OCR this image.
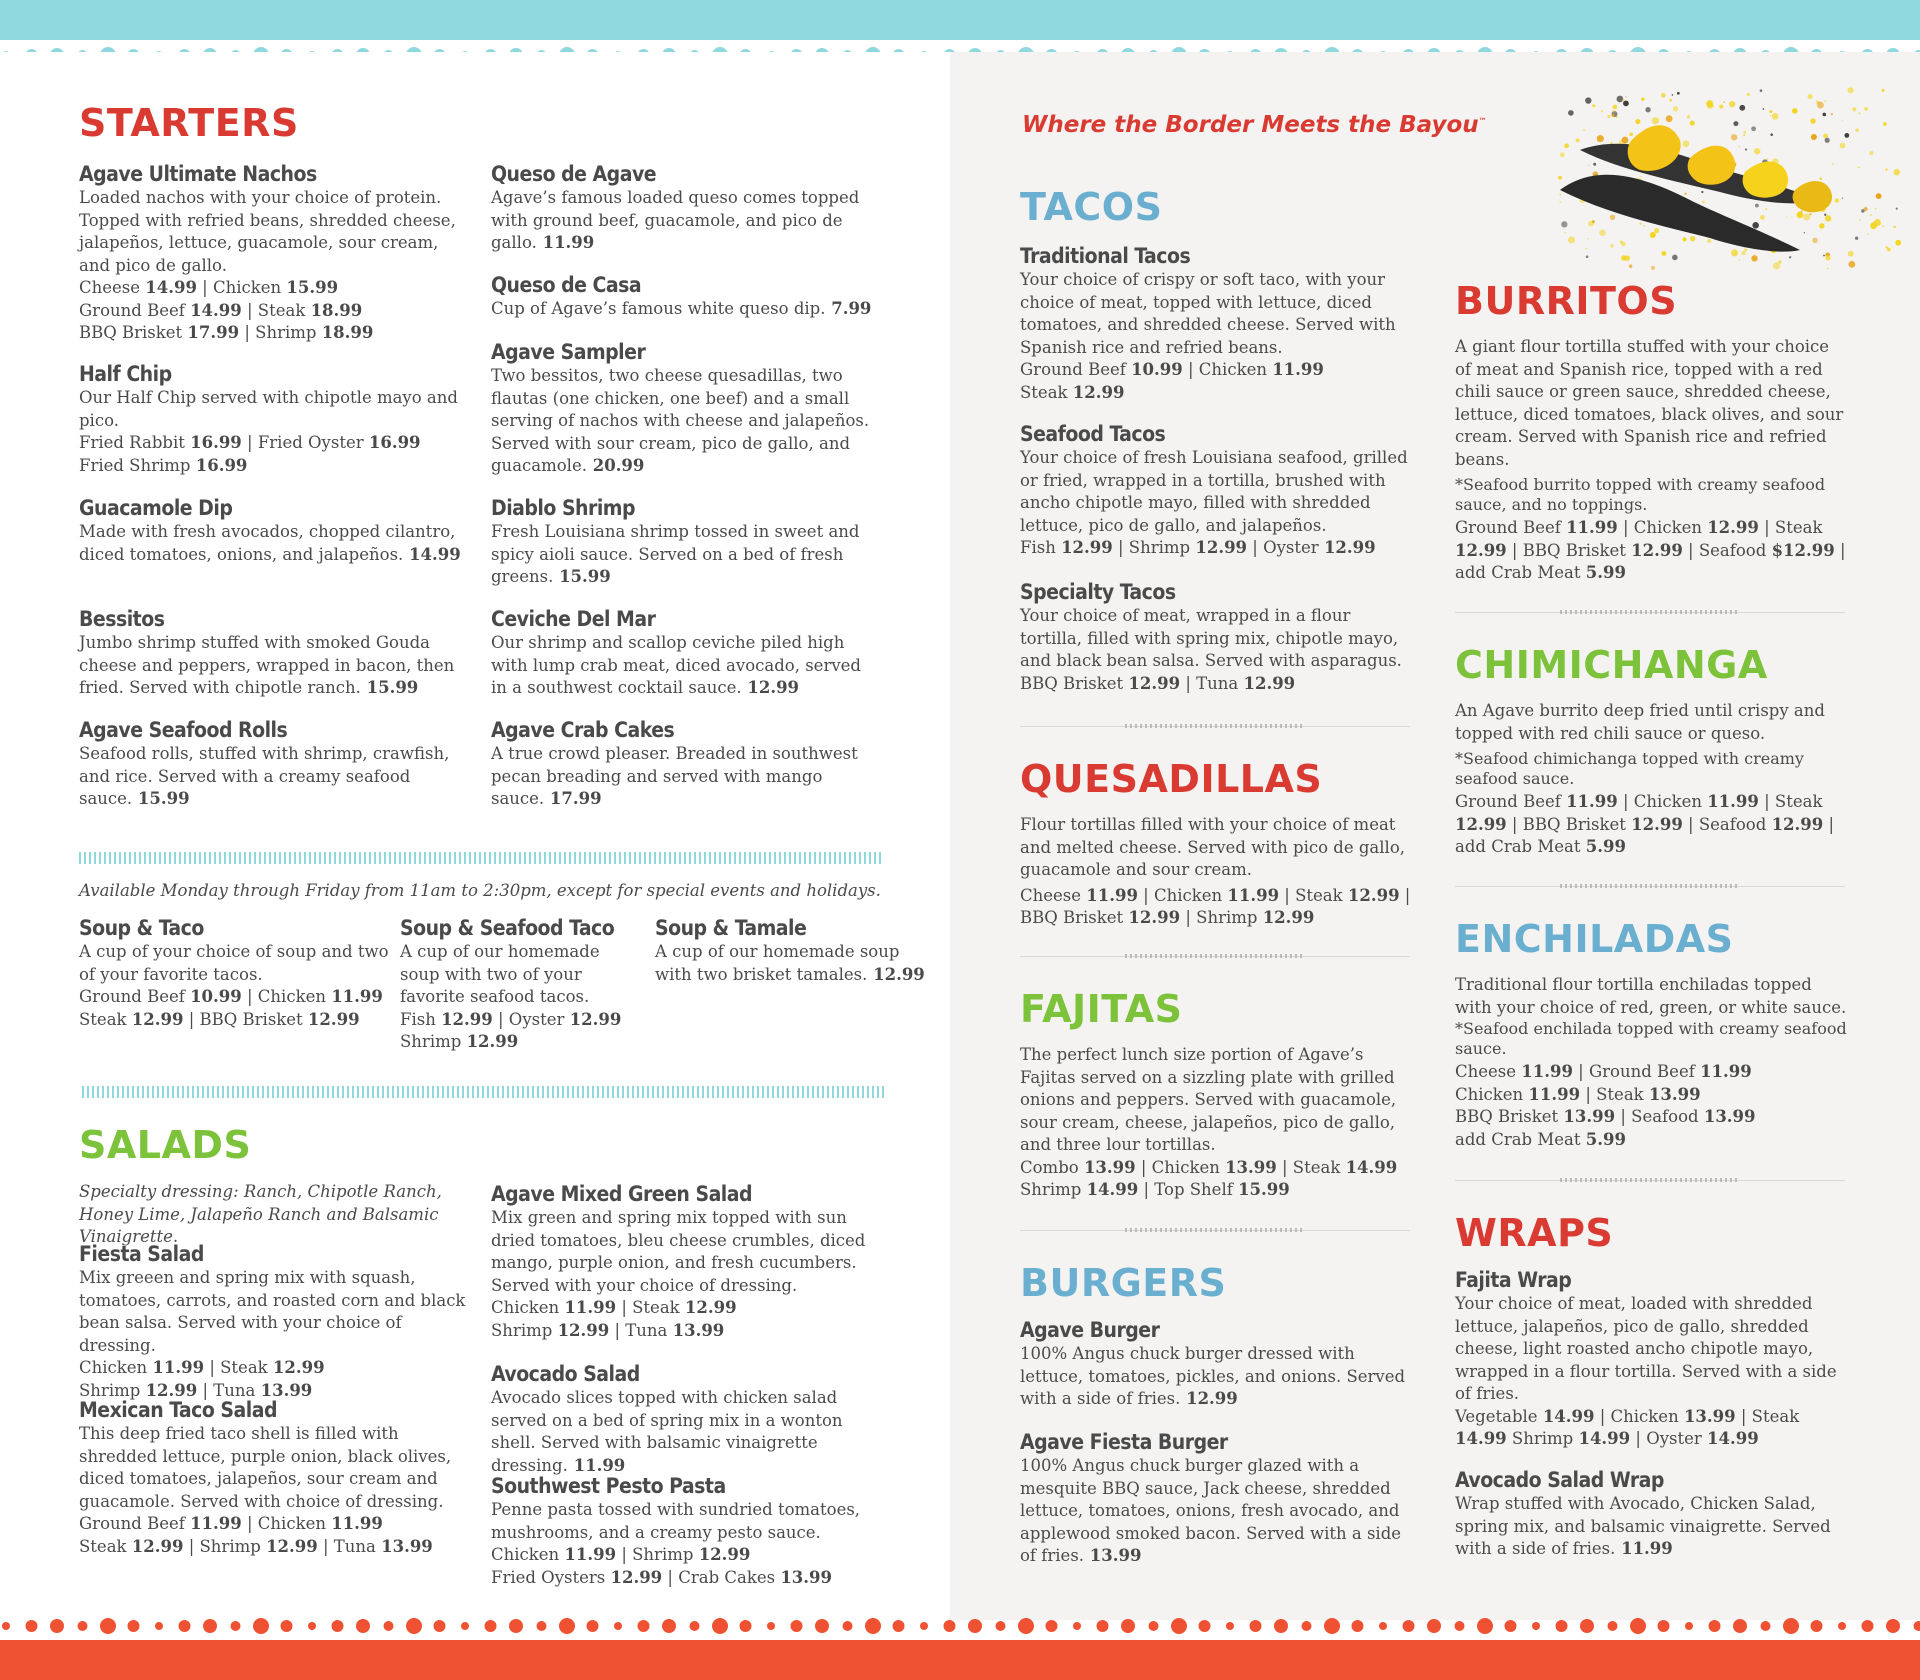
STARTERS
Agave Ultimate Nachos
Loaded nachos with your choice of protein. Topped with refried beans, shredded cheese, jalapeños, lettuce, guacamole, sour cream, and pico de gallo.
Cheese 14.99 | Chicken 15.99
Ground Beef 14.99 | Steak 18.99
BBQ Brisket 17.99 | Shrimp 18.99
Half Chip
Our Half Chip served with chipotle mayo and pico.
Fried Rabbit 16.99 | Fried Oyster 16.99
Fried Shrimp 16.99
Guacamole Dip
Made with fresh avocados, chopped cilantro, diced tomatoes, onions, and jalapeños. 14.99
Bessitos
Jumbo shrimp stuffed with smoked Gouda cheese and peppers, wrapped in bacon, then fried. Served with chipotle ranch. 15.99
Agave Seafood Rolls
Seafood rolls, stuffed with shrimp, crawfish, and rice. Served with a creamy seafood sauce. 15.99
Queso de Agave
Agave’s famous loaded queso comes topped with ground beef, guacamole, and pico de gallo. 11.99
Queso de Casa
Cup of Agave’s famous white queso dip. 7.99
Agave Sampler
Two bessitos, two cheese quesadillas, two flautas (one chicken, one beef) and a small serving of nachos with cheese and jalapeños. Served with sour cream, pico de gallo, and guacamole. 20.99
Diablo Shrimp
Fresh Louisiana shrimp tossed in sweet and spicy aioli sauce. Served on a bed of fresh greens. 15.99
Ceviche Del Mar
Our shrimp and scallop ceviche piled high with lump crab meat, diced avocado, served in a southwest cocktail sauce. 12.99
Agave Crab Cakes
A true crowd pleaser. Breaded in southwest pecan breading and served with mango sauce. 17.99
Available Monday through Friday from 11am to 2:30pm, except for special events and holidays.
Soup & Taco
A cup of your choice of soup and two of your favorite tacos.
Ground Beef 10.99 | Chicken 11.99
Steak 12.99 | BBQ Brisket 12.99
Soup & Seafood Taco
A cup of our homemade soup with two of your favorite seafood tacos.
Fish 12.99 | Oyster 12.99
Shrimp 12.99
Soup & Tamale
A cup of our homemade soup with two brisket tamales. 12.99
SALADS
Specialty dressing: Ranch, Chipotle Ranch, Honey Lime, Jalapeño Ranch and Balsamic Vinaigrette.
Fiesta Salad
Mix greeen and spring mix with squash, tomatoes, carrots, and roasted corn and black bean salsa. Served with your choice of dressing.
Chicken 11.99 | Steak 12.99
Shrimp 12.99 | Tuna 13.99
Mexican Taco Salad
This deep fried taco shell is filled with shredded lettuce, purple onion, black olives, diced tomatoes, jalapeños, sour cream and guacamole. Served with choice of dressing.
Ground Beef 11.99 | Chicken 11.99
Steak 12.99 | Shrimp 12.99 | Tuna 13.99
Agave Mixed Green Salad
Mix green and spring mix topped with sun dried tomatoes, bleu cheese crumbles, diced mango, purple onion, and fresh cucumbers. Served with your choice of dressing.
Chicken 11.99 | Steak 12.99
Shrimp 12.99 | Tuna 13.99
Avocado Salad
Avocado slices topped with chicken salad served on a bed of spring mix in a wonton shell. Served with balsamic vinaigrette dressing. 11.99
Southwest Pesto Pasta
Penne pasta tossed with sundried tomatoes, mushrooms, and a creamy pesto sauce.
Chicken 11.99 | Shrimp 12.99
Fried Oysters 12.99 | Crab Cakes 13.99
Where the Border Meets the Bayou™
TACOS
Traditional Tacos
Your choice of crispy or soft taco, with your choice of meat, topped with lettuce, diced tomatoes, and shredded cheese. Served with Spanish rice and refried beans.
Ground Beef 10.99 | Chicken 11.99
Steak 12.99
Seafood Tacos
Your choice of fresh Louisiana seafood, grilled or fried, wrapped in a tortilla, brushed with ancho chipotle mayo, filled with shredded lettuce, pico de gallo, and jalapeños.
Fish 12.99 | Shrimp 12.99 | Oyster 12.99
Specialty Tacos
Your choice of meat, wrapped in a flour tortilla, filled with spring mix, chipotle mayo, and black bean salsa. Served with asparagus.
BBQ Brisket 12.99 | Tuna 12.99
QUESADILLAS
Flour tortillas filled with your choice of meat and melted cheese. Served with pico de gallo, guacamole and sour cream.
Cheese 11.99 | Chicken 11.99 | Steak 12.99 |
BBQ Brisket 12.99 | Shrimp 12.99
FAJITAS
The perfect lunch size portion of Agave’s Fajitas served on a sizzling plate with grilled onions and peppers. Served with guacamole, sour cream, cheese, jalapeños, pico de gallo, and three lour tortillas.
Combo 13.99 | Chicken 13.99 | Steak 14.99
Shrimp 14.99 | Top Shelf 15.99
BURGERS
Agave Burger
100% Angus chuck burger dressed with lettuce, tomatoes, pickles, and onions. Served with a side of fries. 12.99
Agave Fiesta Burger
100% Angus chuck burger glazed with a mesquite BBQ sauce, Jack cheese, shredded lettuce, tomatoes, onions, fresh avocado, and applewood smoked bacon. Served with a side of fries. 13.99
BURRITOS
A giant flour tortilla stuffed with your choice of meat and Spanish rice, topped with a red chili sauce or green sauce, shredded cheese, lettuce, diced tomatoes, black olives, and sour cream. Served with Spanish rice and refried beans.
*Seafood burrito topped with creamy seafood sauce, and no toppings.
Ground Beef 11.99 | Chicken 12.99 | Steak
12.99 | BBQ Brisket 12.99 | Seafood $12.99 |
add Crab Meat 5.99
CHIMICHANGA
An Agave burrito deep fried until crispy and topped with red chili sauce or queso.
*Seafood chimichanga topped with creamy seafood sauce.
Ground Beef 11.99 | Chicken 11.99 | Steak
12.99 | BBQ Brisket 12.99 | Seafood 12.99 |
add Crab Meat 5.99
ENCHILADAS
Traditional flour tortilla enchiladas topped with your choice of red, green, or white sauce.
*Seafood enchilada topped with creamy seafood sauce.
Cheese 11.99 | Ground Beef 11.99
Chicken 11.99 | Steak 13.99
BBQ Brisket 13.99 | Seafood 13.99
add Crab Meat 5.99
WRAPS
Fajita Wrap
Your choice of meat, loaded with shredded lettuce, jalapeños, pico de gallo, shredded cheese, light roasted ancho chipotle mayo, wrapped in a flour tortilla. Served with a side of fries.
Vegetable 14.99 | Chicken 13.99 | Steak
14.99 Shrimp 14.99 | Oyster 14.99
Avocado Salad Wrap
Wrap stuffed with Avocado, Chicken Salad, spring mix, and balsamic vinaigrette. Served with a side of fries. 11.99
